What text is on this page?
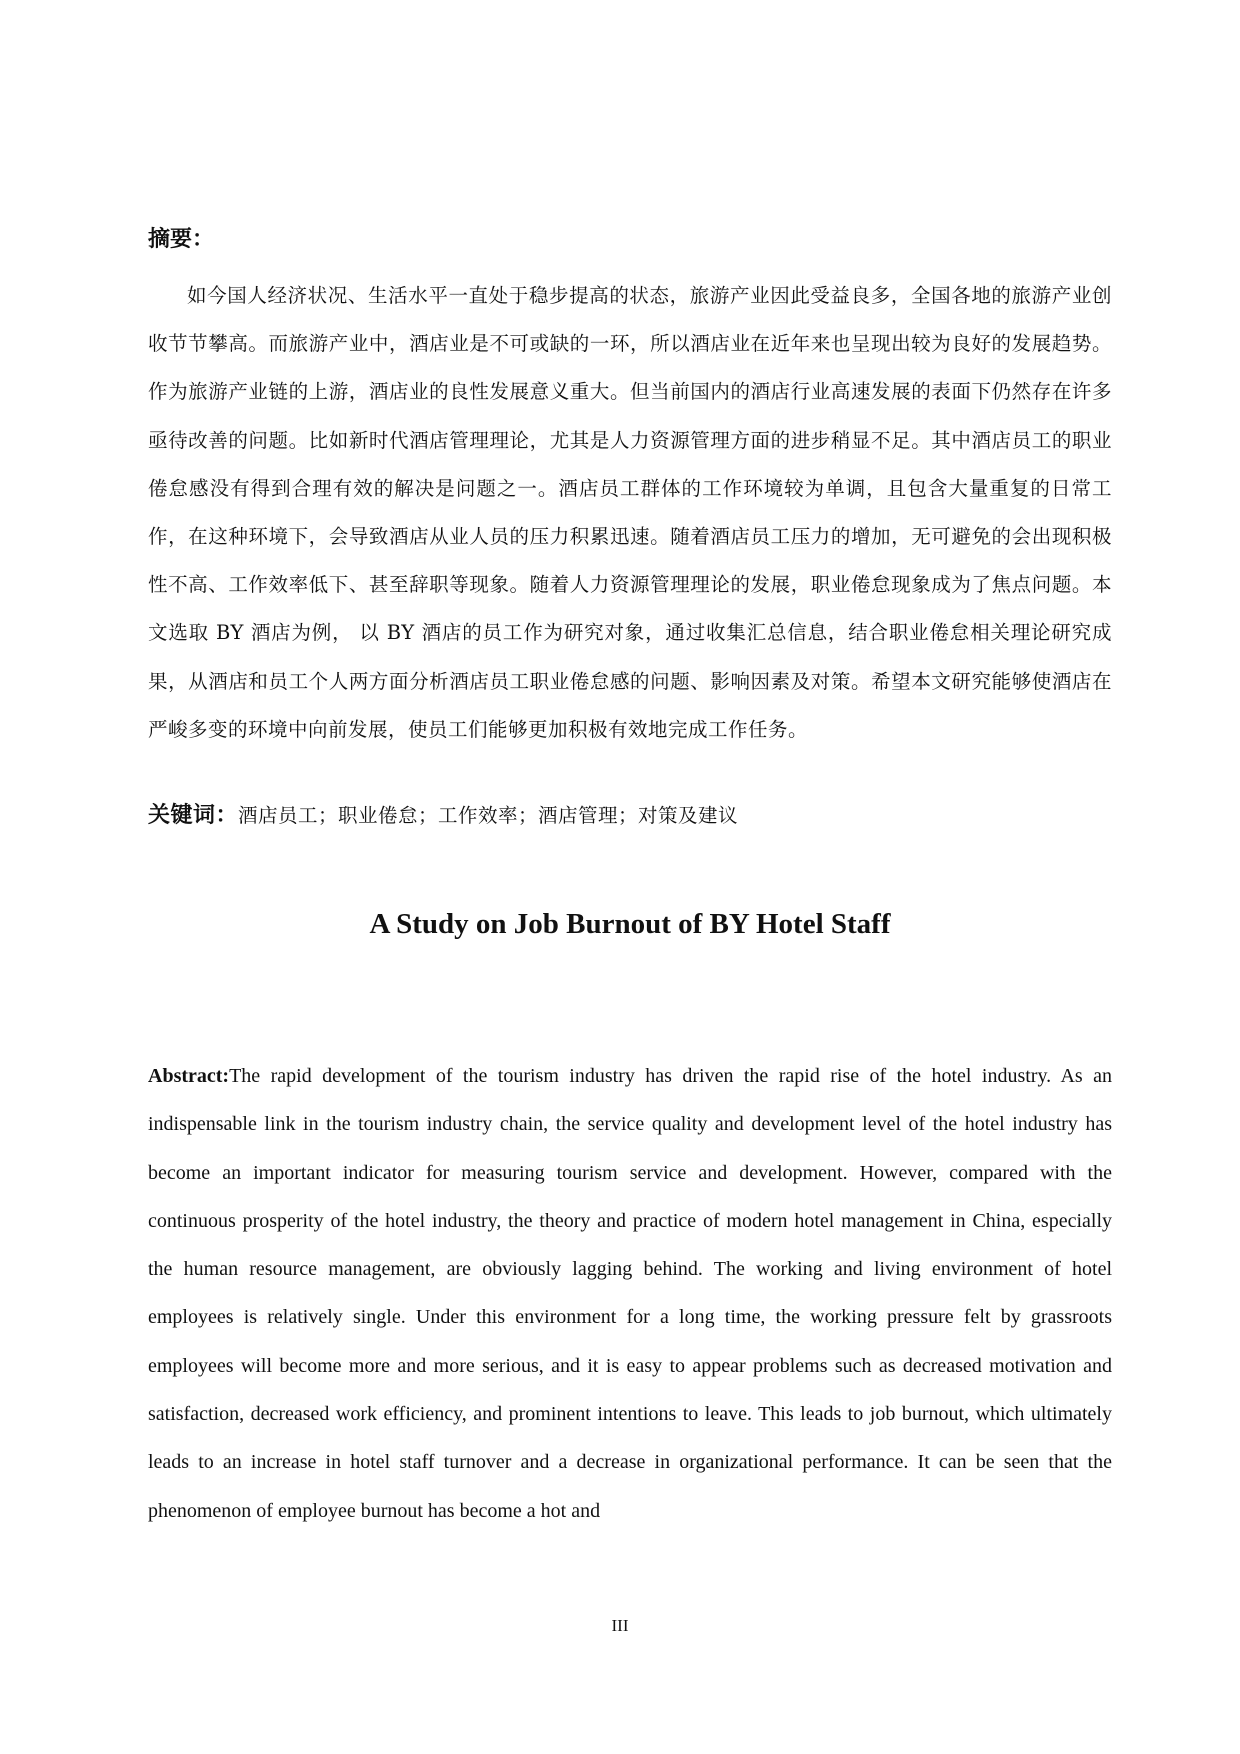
摘要：

如今国人经济状况、生活水平一直处于稳步提高的状态，旅游产业因此受益良多，全国各地的旅游产业创收节节攀高。而旅游产业中，酒店业是不可或缺的一环，所以酒店业在近年来也呈现出较为良好的发展趋势。作为旅游产业链的上游，酒店业的良性发展意义重大。但当前国内的酒店行业高速发展的表面下仍然存在许多亟待改善的问题。比如新时代酒店管理理论，尤其是人力资源管理方面的进步稍显不足。其中酒店员工的职业倦怠感没有得到合理有效的解决是问题之一。酒店员工群体的工作环境较为单调，且包含大量重复的日常工作，在这种环境下，会导致酒店从业人员的压力积累迅速。随着酒店员工压力的增加，无可避免的会出现积极性不高、工作效率低下、甚至辞职等现象。随着人力资源管理理论的发展，职业倦怠现象成为了焦点问题。本文选取 BY 酒店为例， 以 BY 酒店的员工作为研究对象，通过收集汇总信息，结合职业倦怠相关理论研究成果，从酒店和员工个人两方面分析酒店员工职业倦怠感的问题、影响因素及对策。希望本文研究能够使酒店在严峻多变的环境中向前发展，使员工们能够更加积极有效地完成工作任务。

关键词：酒店员工；职业倦怠；工作效率；酒店管理；对策及建议

A Study on Job Burnout of BY Hotel Staff

Abstract:The rapid development of the tourism industry has driven the rapid rise of the hotel industry. As an indispensable link in the tourism industry chain, the service quality and development level of the hotel industry has become an important indicator for measuring tourism service and development. However, compared with the continuous prosperity of the hotel industry, the theory and practice of modern hotel management in China, especially the human resource management, are obviously lagging behind. The working and living environment of hotel employees is relatively single. Under this environment for a long time, the working pressure felt by grassroots employees will become more and more serious, and it is easy to appear problems such as decreased motivation and satisfaction, decreased work efficiency, and prominent intentions to leave. This leads to job burnout, which ultimately leads to an increase in hotel staff turnover and a decrease in organizational performance. It can be seen that the phenomenon of employee burnout has become a hot and

III
